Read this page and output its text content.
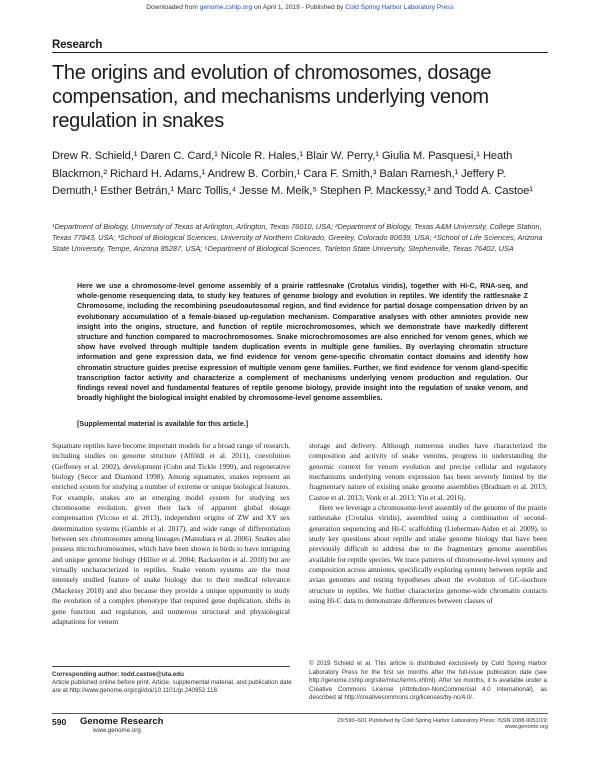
Downloaded from genome.cshlp.org on April 1, 2019 - Published by Cold Spring Harbor Laboratory Press
Research
The origins and evolution of chromosomes, dosage compensation, and mechanisms underlying venom regulation in snakes
Drew R. Schield,¹ Daren C. Card,¹ Nicole R. Hales,¹ Blair W. Perry,¹ Giulia M. Pasquesi,¹ Heath Blackmon,² Richard H. Adams,¹ Andrew B. Corbin,¹ Cara F. Smith,³ Balan Ramesh,¹ Jeffery P. Demuth,¹ Esther Betrán,¹ Marc Tollis,⁴ Jesse M. Meik,⁵ Stephen P. Mackessy,³ and Todd A. Castoe¹
¹Department of Biology, University of Texas at Arlington, Arlington, Texas 76010, USA; ²Department of Biology, Texas A&M University, College Station, Texas 77843, USA; ³School of Biological Sciences, University of Northern Colorado, Greeley, Colorado 80639, USA; ⁴School of Life Sciences, Arizona State University, Tempe, Arizona 85287, USA; ⁵Department of Biological Sciences, Tarleton State University, Stephenville, Texas 76402, USA
Here we use a chromosome-level genome assembly of a prairie rattlesnake (Crotalus viridis), together with Hi-C, RNA-seq, and whole-genome resequencing data, to study key features of genome biology and evolution in reptiles. We identify the rattlesnake Z Chromosome, including the recombining pseudoautosomal region, and find evidence for partial dosage compensation driven by an evolutionary accumulation of a female-biased up-regulation mechanism. Comparative analyses with other amniotes provide new insight into the origins, structure, and function of reptile microchromosomes, which we demonstrate have markedly different structure and function compared to macrochromosomes. Snake microchromosomes are also enriched for venom genes, which we show have evolved through multiple tandem duplication events in multiple gene families. By overlaying chromatin structure information and gene expression data, we find evidence for venom gene-specific chromatin contact domains and identify how chromatin structure guides precise expression of multiple venom gene families. Further, we find evidence for venom gland-specific transcription factor activity and characterize a complement of mechanisms underlying venom production and regulation. Our findings reveal novel and fundamental features of reptile genome biology, provide insight into the regulation of snake venom, and broadly highlight the biological insight enabled by chromosome-level genome assemblies.
[Supplemental material is available for this article.]

Squamate reptiles have become important models for a broad range of research, including studies on genome structure (Alföldi et al. 2011), coevolution (Geffeney et al. 2002), development (Cohn and Tickle 1999), and regenerative biology (Secor and Diamond 1998). Among squamates, snakes represent an enriched system for studying a number of extreme or unique biological features. For example, snakes are an emerging model system for studying sex chromosome evolution, given their lack of apparent global dosage compensation (Vicoso et al. 2013), independent origins of ZW and XY sex determination systems (Gamble et al. 2017), and wide range of differentiation between sex chromosomes among lineages (Matsubara et al. 2006). Snakes also possess microchromosomes, which have been shown in birds to have intriguing and unique genome biology (Hillier et al. 2004; Backström et al. 2010) but are virtually uncharacterized in reptiles. Snake venom systems are the most intensely studied feature of snake biology due to their medical relevance (Mackessy 2010) and also because they provide a unique opportunity to study the evolution of a complex phenotype that required gene duplication, shifts in gene function and regulation, and numerous structural and physiological adaptations for venom

storage and delivery. Although numerous studies have characterized the composition and activity of snake venoms, progress in understanding the genomic context for venom evolution and precise cellular and regulatory mechanisms underlying venom expression has been severely limited by the fragmentary nature of existing snake genome assemblies (Bradnam et al. 2013; Castoe et al. 2013; Vonk et al. 2013; Yin et al. 2016).

Here we leverage a chromosome-level assembly of the genome of the prairie rattlesnake (Crotalus viridis), assembled using a combination of second-generation sequencing and Hi-C scaffolding (Lieberman-Aiden et al. 2009), to study key questions about reptile and snake genome biology that have been previously difficult to address due to the fragmentary genome assemblies available for reptile species. We trace patterns of chromosome-level synteny and composition across amniotes, specifically exploring synteny between reptile and avian genomes and testing hypotheses about the evolution of GC-isochore structure in reptiles. We further characterize genome-wide chromatin contacts using Hi-C data to demonstrate differences between classes of

Corresponding author: todd.castoe@uta.edu
Article published online before print. Article, supplemental material, and publication date are at http://www.genome.org/cgi/doi/10.1101/gr.240952.118.
© 2019 Schield et al. This article is distributed exclusively by Cold Spring Harbor Laboratory Press for the first six months after the full-issue publication date (see http://genome.cshlp.org/site/misc/terms.xhtml). After six months, it is available under a Creative Commons License (Attribution-NonCommercial 4.0 International), as described at http://creativecommons.org/licenses/by-nc/4.0/.
590 Genome Research
www.genome.org
29:590–601 Published by Cold Spring Harbor Laboratory Press; ISSN 1088-9051/19; www.genome.org
